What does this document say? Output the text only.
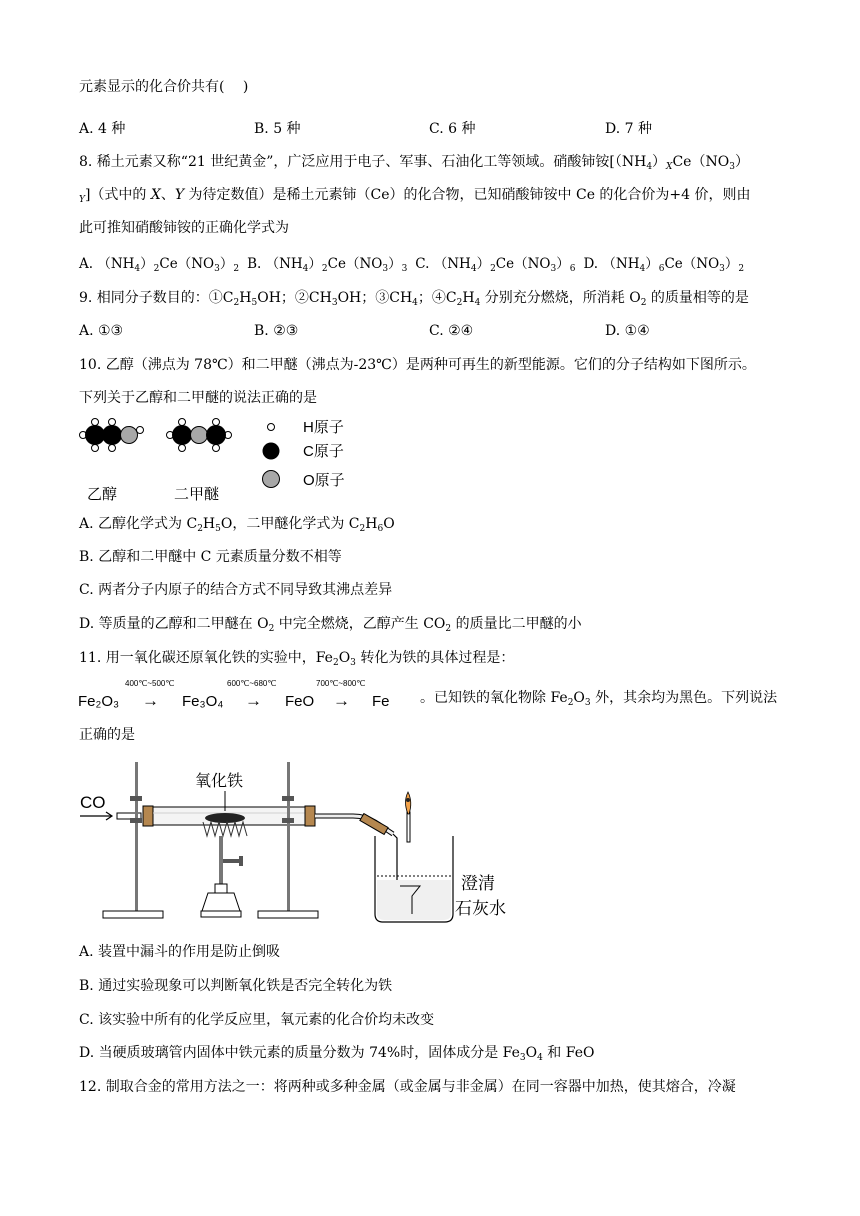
元素显示的化合价共有(　 )
A. 4 种	B. 5 种	C. 6 种	D. 7 种
8. 稀土元素又称“21 世纪黄金”，广泛应用于电子、军事、石油化工等领域。硝酸铈铵[$(NH_4)_XCe(NO_3)$
$_Y$]（式中的 X、Y 为待定数值）是稀土元素铈（Ce）的化合物，已知硝酸铈铵中 Ce 的化合价为+4 价，则由
此可推知硝酸铈铵的正确化学式为
A. $(NH_4)_2Ce(NO_3)_2$ B. $(NH_4)_2Ce(NO_3)_3$ C. $(NH_4)_2Ce(NO_3)_6$ D. $(NH_4)_6Ce(NO_3)_2$
9. 相同分子数目的：$①C_2H_5OH$；$②CH_3OH$；$③CH_4$；$④C_2H_4$ 分别充分燃烧，所消耗 $O_2$ 的质量相等的是
A. ①③	B. ②③	C. ②④	D. ①④
10. 乙醇（沸点为 78℃）和二甲醚（沸点为-23℃）是两种可再生的新型能源。它们的分子结构如下图所示。
下列关于乙醇和二甲醚的说法正确的是
H原子
C原子
O原子
乙醇	二甲醚
A. 乙醇化学式为 $C_2H_5O$，二甲醚化学式为 $C_2H_6O$
B. 乙醇和二甲醚中 C 元素质量分数不相等
C. 两者分子内原子的结合方式不同导致其沸点差异
D. 等质量的乙醇和二甲醚在 $O_2$ 中完全燃烧，乙醇产生 $CO_2$ 的质量比二甲醚的小
11. 用一氧化碳还原氧化铁的实验中，$Fe_2O_3$ 转化为铁的具体过程是：
Fe₂O₃
400℃~500℃
→ Fe₃O₄
600℃~680℃
→ FeO
700℃~800℃
→ Fe 。已知铁的氧化物除 $Fe_2O_3$ 外，其余均为黑色。下列说法
正确的是
CO
氧化铁
澄清
石灰水
A. 装置中漏斗的作用是防止倒吸
B. 通过实验现象可以判断氧化铁是否完全转化为铁
C. 该实验中所有的化学反应里，氧元素的化合价均未改变
D. 当硬质玻璃管内固体中铁元素的质量分数为 74%时，固体成分是 $Fe_3O_4$ 和 FeO
12. 制取合金的常用方法之一：将两种或多种金属（或金属与非金属）在同一容器中加热，使其熔合，冷凝
